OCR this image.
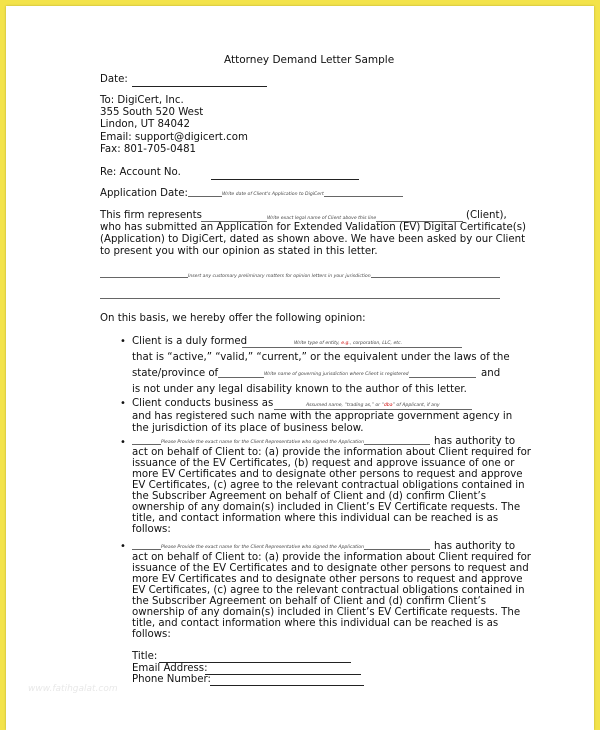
Attorney Demand Letter Sample
Date:
To: DigiCert, Inc.
355 South 520 West
Lindon, UT 84042
Email: support@digicert.com
Fax: 801-705-0481
Re: Account No.
Application Date:	Write date of Client's Application to DigiCert
This firm represents	Write exact legal name of Client above this line	(Client),
who has submitted an Application for Extended Validation (EV) Digital Certificate(s)
(Application) to DigiCert, dated as shown above. We have been asked by our Client
to present you with our opinion as stated in this letter.
Insert any customary preliminary matters for opinion letters in your jurisdiction
On this basis, we hereby offer the following opinion:
• Client is a duly formed	Write type of entity, e.g., corporation, LLC, etc.
that is “active,” “valid,” “current,” or the equivalent under the laws of the
state/province of	Write name of governing jurisdiction where Client is registered	and
is not under any legal disability known to the author of this letter.
• Client conducts business as	Assumed name, “trading as,” or “dba” of Applicant, if any
and has registered such name with the appropriate government agency in
the jurisdiction of its place of business below.
•	Please Provide the exact name for the Client Representative who signed the Application	has authority to
act on behalf of Client to: (a) provide the information about Client required for
issuance of the EV Certificates, (b) request and approve issuance of one or
more EV Certificates and to designate other persons to request and approve
EV Certificates, (c) agree to the relevant contractual obligations contained in
the Subscriber Agreement on behalf of Client and (d) confirm Client’s
ownership of any domain(s) included in Client’s EV Certificate requests. The
title, and contact information where this individual can be reached is as
follows:
•	Please Provide the exact name for the Client Representative who signed the Application	has authority to
act on behalf of Client to: (a) provide the information about Client required for
issuance of the EV Certificates and to designate other persons to request and
more EV Certificates and to designate other persons to request and approve
EV Certificates, (c) agree to the relevant contractual obligations contained in
the Subscriber Agreement on behalf of Client and (d) confirm Client’s
ownership of any domain(s) included in Client’s EV Certificate requests. The
title, and contact information where this individual can be reached is as
follows:
Title:
Email Address:
Phone Number:
www.fatihgalat.com
